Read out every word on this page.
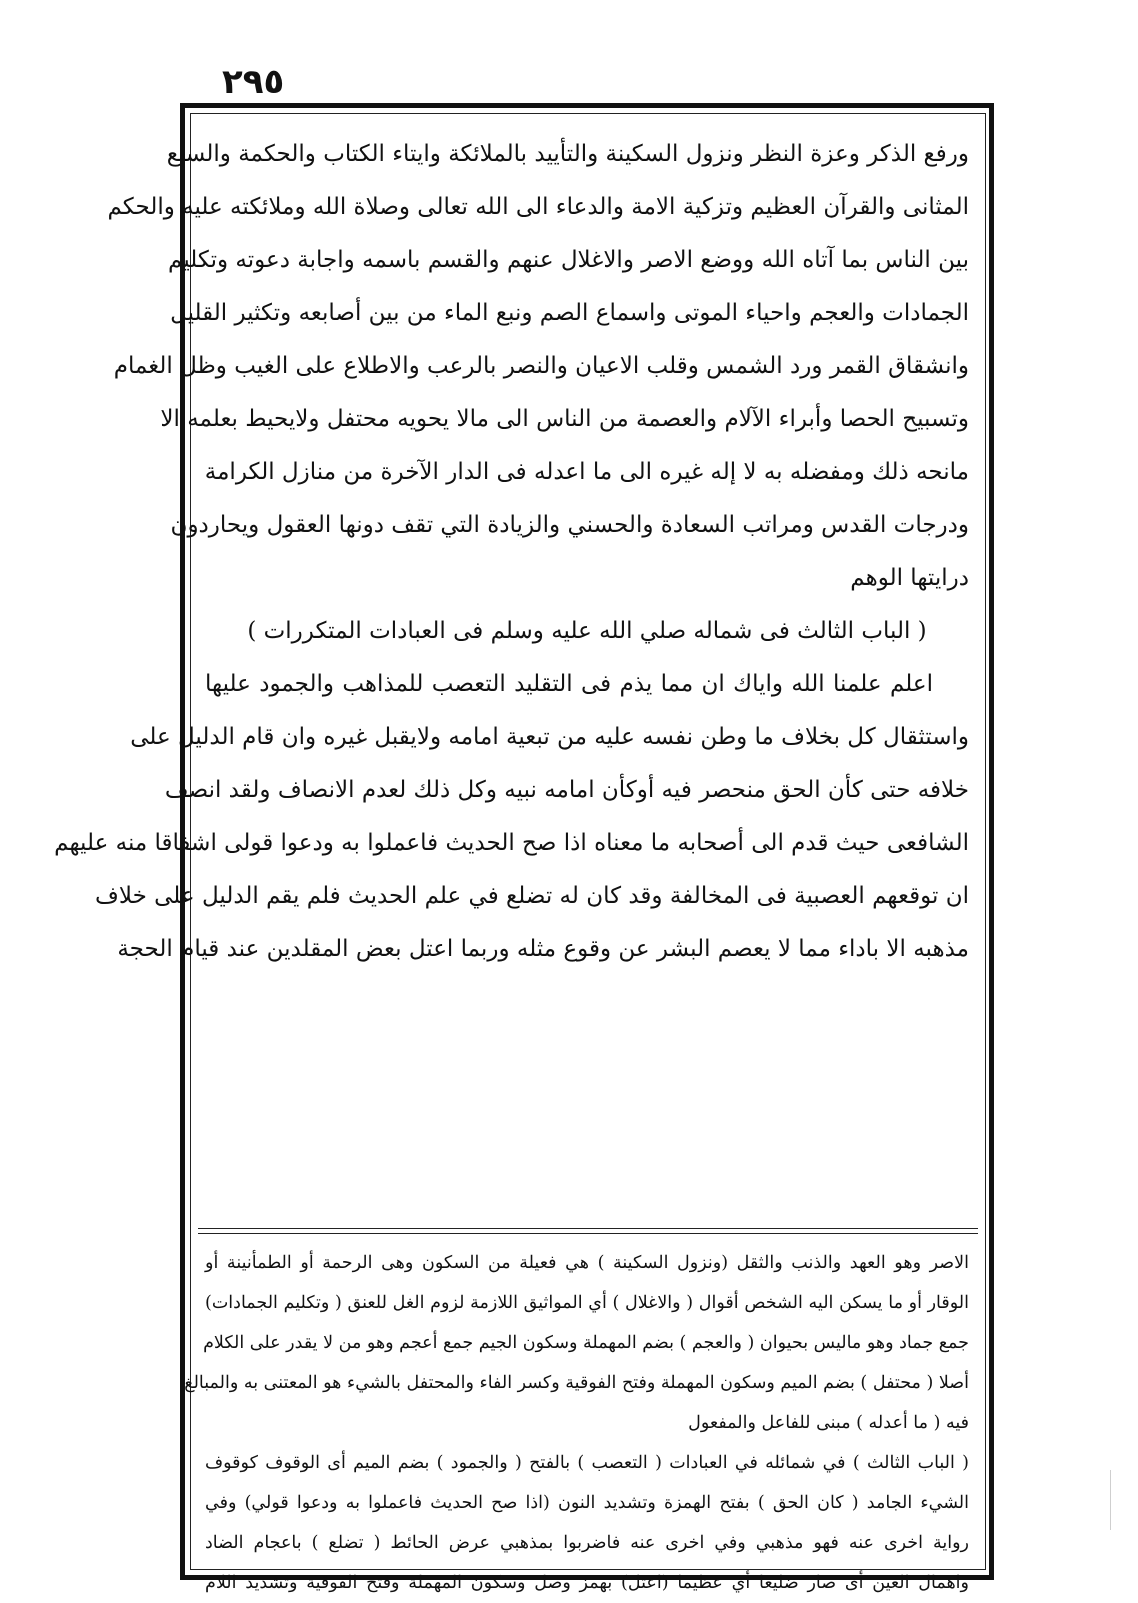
٢٩٥
ورفع الذكر وعزة النظر ونزول السكينة والتأييد بالملائكة وايتاء الكتاب والحكمة والسبع
المثانى والقرآن العظيم وتزكية الامة والدعاء الى الله تعالى وصلاة الله وملائكته عليه والحكم
بين الناس بما آتاه الله ووضع الاصر والاغلال عنهم والقسم باسمه واجابة دعوته وتكليم
الجمادات والعجم واحياء الموتى واسماع الصم ونبع الماء من بين أصابعه وتكثير القليل
وانشقاق القمر ورد الشمس وقلب الاعيان والنصر بالرعب والاطلاع على الغيب وظل الغمام
وتسبيح الحصا وأبراء الآلام والعصمة من الناس الى مالا يحويه محتفل ولايحيط بعلمه الا
مانحه ذلك ومفضله به لا إله غيره الى ما اعدله فى الدار الآخرة من منازل الكرامة
ودرجات القدس ومراتب السعادة والحسني والزيادة التي تقف دونها العقول ويحاردون
درايتها الوهم
( الباب الثالث فى شماله صلي الله عليه وسلم فى العبادات المتكررات )
اعلم علمنا الله واياك ان مما يذم فى التقليد التعصب للمذاهب والجمود عليها
واستثقال كل بخلاف ما وطن نفسه عليه من تبعية امامه ولايقبل غيره وان قام الدليل على
خلافه حتى كأن الحق منحصر فيه أوكأن امامه نبيه وكل ذلك لعدم الانصاف ولقد انصف
الشافعى حيث قدم الى أصحابه ما معناه اذا صح الحديث فاعملوا به ودعوا قولى اشفاقا منه عليهم
ان توقعهم العصبية فى المخالفة وقد كان له تضلع في علم الحديث فلم يقم الدليل على خلاف
مذهبه الا باداء مما لا يعصم البشر عن وقوع مثله وربما اعتل بعض المقلدين عند قيام الحجة
الاصر وهو العهد والذنب والثقل (ونزول السكينة ) هي فعيلة من السكون وهى الرحمة أو الطمأنينة أو
الوقار أو ما يسكن اليه الشخص أقوال ( والاغلال ) أي المواثيق اللازمة لزوم الغل للعنق ( وتكليم الجمادات)
جمع جماد وهو ماليس بحيوان ( والعجم ) بضم المهملة وسكون الجيم جمع أعجم وهو من لا يقدر على الكلام
أصلا ( محتفل ) بضم الميم وسكون المهملة وفتح الفوقية وكسر الفاء والمحتفل بالشيء هو المعتنى به والمبالغ
فيه ( ما أعدله ) مبنى للفاعل والمفعول
( الباب الثالث ) في شمائله في العبادات ( التعصب ) بالفتح ( والجمود ) بضم الميم أى الوقوف كوقوف
الشيء الجامد ( كان الحق ) بفتح الهمزة وتشديد النون (اذا صح الحديث فاعملوا به ودعوا قولي) وفي
رواية اخرى عنه فهو مذهبي وفي اخرى عنه فاضربوا بمذهبي عرض الحائط ( تضلع ) باعجام الضاد
واهمال العين أى صار ضليعا أي عظيما (اعتل) بهمز وصل وسكون المهملة وفتح الفوقية وتشديد اللام
